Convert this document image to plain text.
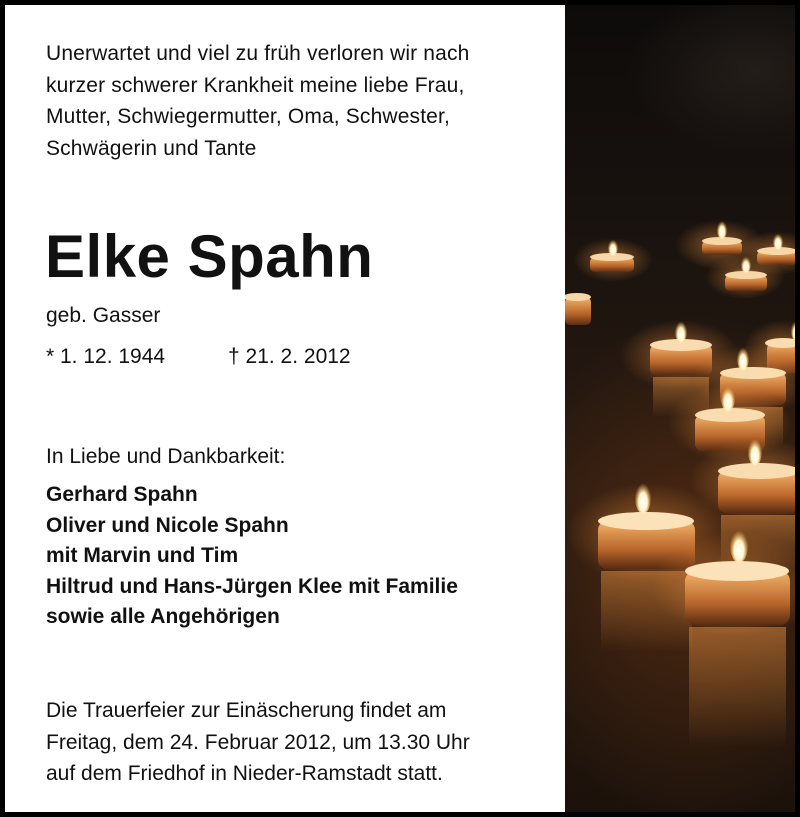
Unerwartet und viel zu früh verloren wir nach
kurzer schwerer Krankheit meine liebe Frau,
Mutter, Schwiegermutter, Oma, Schwester,
Schwägerin und Tante

Elke Spahn
geb. Gasser
* 1. 12. 1944	† 21. 2. 2012
In Liebe und Dankbarkeit:
Gerhard Spahn
Oliver und Nicole Spahn
mit Marvin und Tim
Hiltrud und Hans-Jürgen Klee mit Familie
sowie alle Angehörigen

Die Trauerfeier zur Einäscherung findet am
Freitag, dem 24. Februar 2012, um 13.30 Uhr
auf dem Friedhof in Nieder-Ramstadt statt.
